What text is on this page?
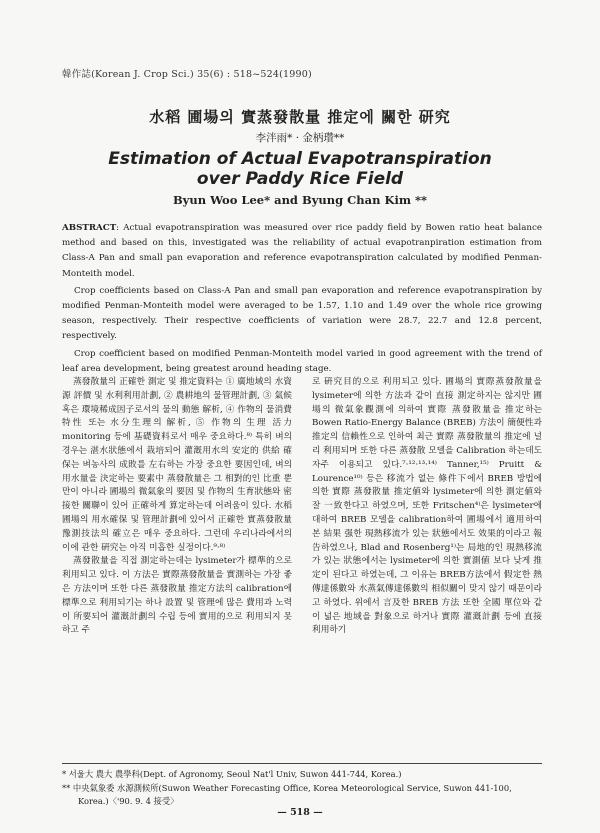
韓作誌(Korean J. Crop Sci.) 35(6) : 518~524(1990)
水稻 圃場의 實蒸發散量 推定에 關한 研究
李泮雨* · 金柄瓚**
Estimation of Actual Evapotranspiration over Paddy Rice Field
Byun Woo Lee* and Byung Chan Kim **

ABSTRACT: Actual evapotranspiration was measured over rice paddy field by Bowen ratio heat balance method and based on this, investigated was the reliability of actual evapotranpiration estimation from Class-A Pan and small pan evaporation and reference evapotranspiration calculated by modified Penman-Monteith model.

Crop coefficients based on Class-A Pan and small pan evaporation and reference evapotranspiration by modified Penman-Monteith model were averaged to be 1.57, 1.10 and 1.49 over the whole rice growing season, respectively. Their respective coefficients of variation were 28.7, 22.7 and 12.8 percent, respectively.

Crop coefficient based on modified Penman-Monteith model varied in good agreement with the trend of leaf area development, being greatest around heading stage.

蒸發散量의 正確한 測定 및 推定資料는 ① 廣地域의 水資源 評價 및 水利利用計劃, ② 農耕地의 물管理計劃, ③ 氣候 혹은 環境稀成因子로서의 물의 動態 解析, ④ 作物의 물消費特性 또는 水分生理의 解析, ⑤ 作物의 生理 活力 monitoring 등에 基礎資料로서 매우 중요하다.⁸⁾ 특히 벼의 경우는 湛水狀態에서 栽培되어 灌漑用水의 安定的 供給 確保는 벼농사의 成敗를 左右하는 가장 중요한 要因인데, 벼의 用水量을 決定하는 要素中 蒸發散量은 그 相對的인 比重 뿐만이 아니라 圃場의 微氣象의 要因 및 作物의 生育狀態와 密接한 關聯이 있어 正確하게 算定하는데 어려움이 있다. 水稻圃場의 用水確保 및 管理計劃에 있어서 正確한 實蒸發散量 豫測技法의 確立은 매우 중요하다. 그런데 우리나라에서의 이에 관한 硏究는 아직 미흡한 실정이다.⁹·⁸⁾

蒸發散量을 직접 測定하는데는 lysimeter가 標準的으로 利用되고 있다. 이 方法은 實際蒸發散量을 實測하는 가장 좋은 方法이며 또한 다른 蒸發散量 推定方法의 calibration에 標準으로 利用되기는 하나 設置 및 管理에 많은 費用과 노력이 所要되어 灌漑計劃의 수립 등에 實用的으로 利用되지 못하고 주

로 硏究目的으로 利用되고 있다. 圃場의 實際蒸發散量을 lysimeter에 의한 方法과 같이 直接 測定하지는 않지만 圃場의 微氣象觀測에 의하여 實際 蒸發散量을 推定하는 Bowen Ratio-Energy Balance (BREB) 方法이 簡便性과 推定의 信賴性으로 인하여 최근 實際 蒸發散量의 推定에 널리 利用되며 또한 다른 蒸發散 모델을 Calibration 하는데도 자주 이용되고 있다.⁷·¹²·¹³·¹⁴⁾ Tanner,¹⁵⁾ Pruitt & Lourence¹⁰⁾ 등은 移流가 없는 條件下에서 BREB 방법에 의한 實際 蒸發散量 推定値와 lysimeter에 의한 測定値와 잘 一致한다고 하였으며, 또한 Fritschen⁴⁾은 lysimeter에 대하여 BREB 모델을 calibration하여 圃場에서 適用하여 본 結果 强한 現熱移流가 있는 狀態에서도 效果的이라고 報告하였으나, Blad and Rosenberg¹⁾는 局地的인 現熱移流가 있는 狀態에서는 lysimeter에 의한 實測値 보다 낮게 推定이 된다고 하였는데, 그 이유는 BREB方法에서 假定한 熱傳達係數와 水蒸氣傳達係數의 相似關이 맞지 않기 때문이라고 하였다. 위에서 言及한 BREB 方法 또한 全國 單位와 같이 넓은 地域을 對象으로 하거나 實際 灌漑計劃 등에 直接 利用하기

* 서울大 農大 農學科(Dept. of Agronomy, Seoul Nat'l Univ, Suwon 441-744, Korea.)
** 中央氣象委 水源測候所(Suwon Weather Forecasting Office, Korea Meteorological Service, Suwon 441-100, Korea.)〈'90. 9. 4 接受〉
— 518 —
